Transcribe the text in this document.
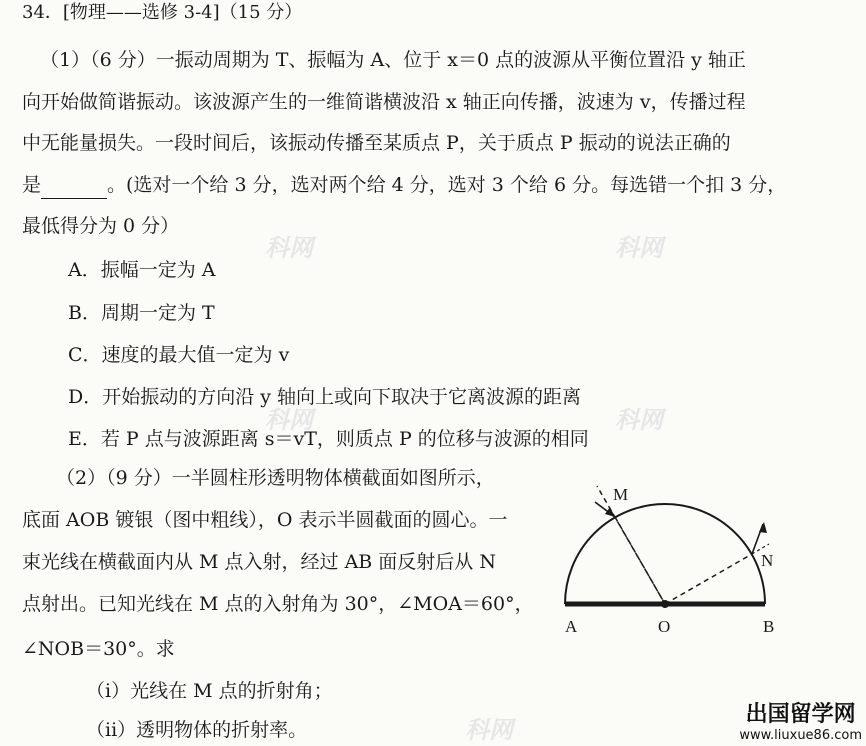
科网	科网
科网	科网
科网
34．[物理——选修 3-4]（15 分）
（1）（6 分）一振动周期为 T、振幅为 A、位于 x＝0 点的波源从平衡位置沿 y 轴正
向开始做简谐振动。该波源产生的一维简谐横波沿 x 轴正向传播，波速为 v，传播过程
中无能量损失。一段时间后，该振动传播至某质点 P，关于质点 P 振动的说法正确的
是	。(选对一个给 3 分，选对两个给 4 分，选对 3 个给 6 分。每选错一个扣 3 分，
最低得分为 0 分）
A．振幅一定为 A
B．周期一定为 T
C．速度的最大值一定为 v
D．开始振动的方向沿 y 轴向上或向下取决于它离波源的距离
E．若 P 点与波源距离 s＝vT，则质点 P 的位移与波源的相同
（2）（9 分）一半圆柱形透明物体横截面如图所示，
底面 AOB 镀银（图中粗线），O 表示半圆截面的圆心。一
束光线在横截面内从 M 点入射，经过 AB 面反射后从 N
点射出。已知光线在 M 点的入射角为 30°，∠MOA＝60°，
∠NOB＝30°。求
（i）光线在 M 点的折射角；
（ii）透明物体的折射率。
M
N
A	O	B
出国留学网
www.liuxue86.com
